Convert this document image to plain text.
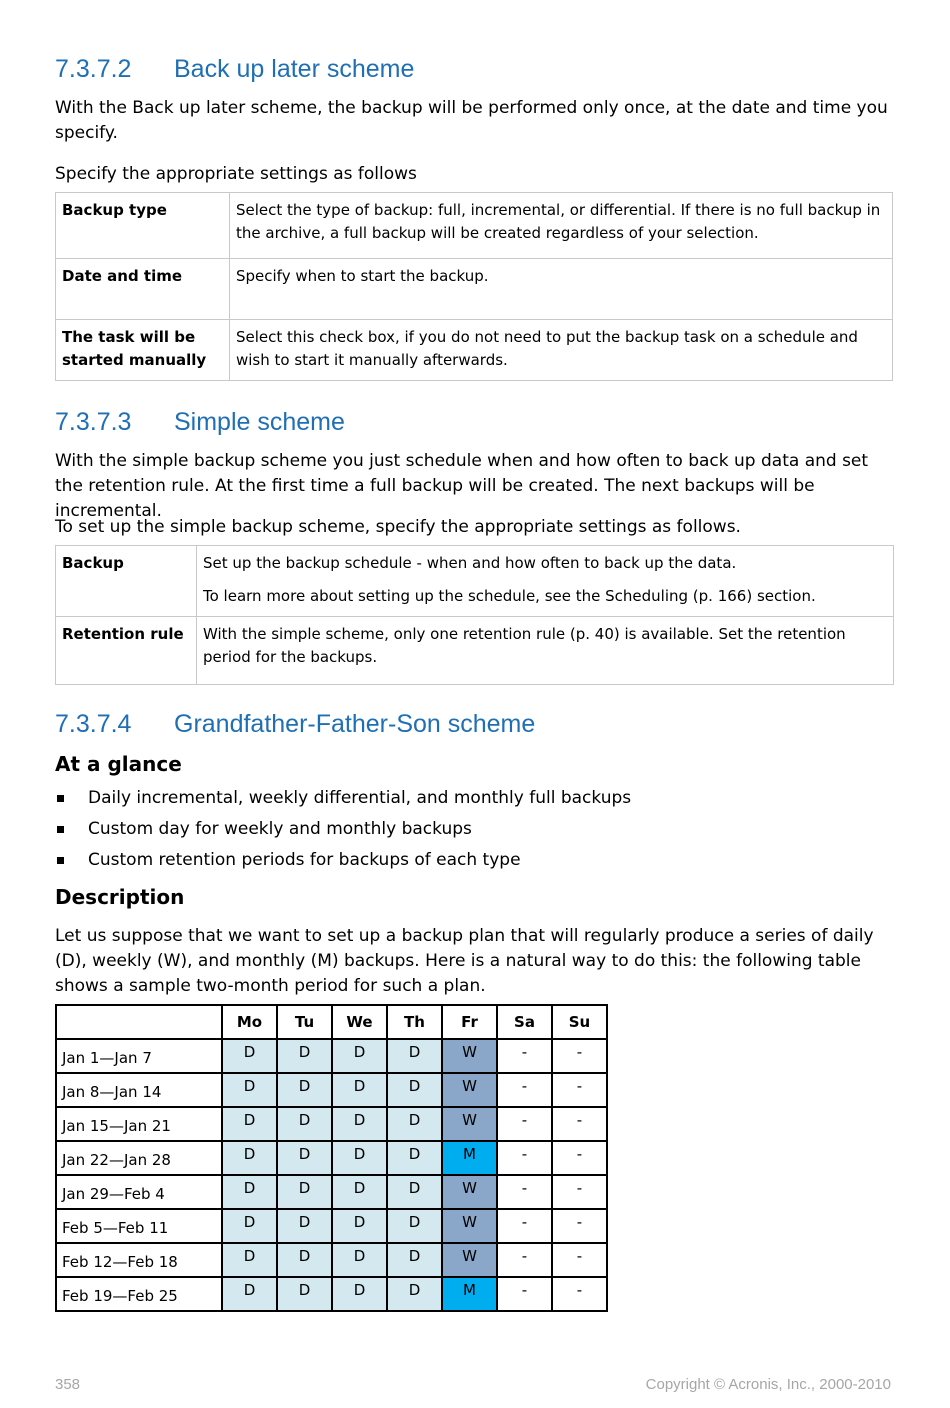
7.3.7.2 Back up later scheme

With the Back up later scheme, the backup will be performed only once, at the date and time you specify.

Specify the appropriate settings as follows

Backup type	Select the type of backup: full, incremental, or differential. If there is no full backup in the archive, a full backup will be created regardless of your selection.
Date and time	Specify when to start the backup.
The task will be started manually	Select this check box, if you do not need to put the backup task on a schedule and wish to start it manually afterwards.
7.3.7.3 Simple scheme

With the simple backup scheme you just schedule when and how often to back up data and set the retention rule. At the first time a full backup will be created. The next backups will be incremental.

To set up the simple backup scheme, specify the appropriate settings as follows.

Backup	Set up the backup schedule - when and how often to back up the data.

To learn more about setting up the schedule, see the Scheduling (p. 166) section.

Retention rule	With the simple scheme, only one retention rule (p. 40) is available. Set the retention period for the backups.
7.3.7.4 Grandfather-Father-Son scheme
At a glance
Daily incremental, weekly differential, and monthly full backups
Custom day for weekly and monthly backups
Custom retention periods for backups of each type
Description

Let us suppose that we want to set up a backup plan that will regularly produce a series of daily (D), weekly (W), and monthly (M) backups. Here is a natural way to do this: the following table shows a sample two-month period for such a plan.

	Mo	Tu	We	Th	Fr	Sa	Su
Jan 1—Jan 7	D	D	D	D	W	-	-
Jan 8—Jan 14	D	D	D	D	W	-	-
Jan 15—Jan 21	D	D	D	D	W	-	-
Jan 22—Jan 28	D	D	D	D	M	-	-
Jan 29—Feb 4	D	D	D	D	W	-	-
Feb 5—Feb 11	D	D	D	D	W	-	-
Feb 12—Feb 18	D	D	D	D	W	-	-
Feb 19—Feb 25	D	D	D	D	M	-	-
358	Copyright © Acronis, Inc., 2000-2010
